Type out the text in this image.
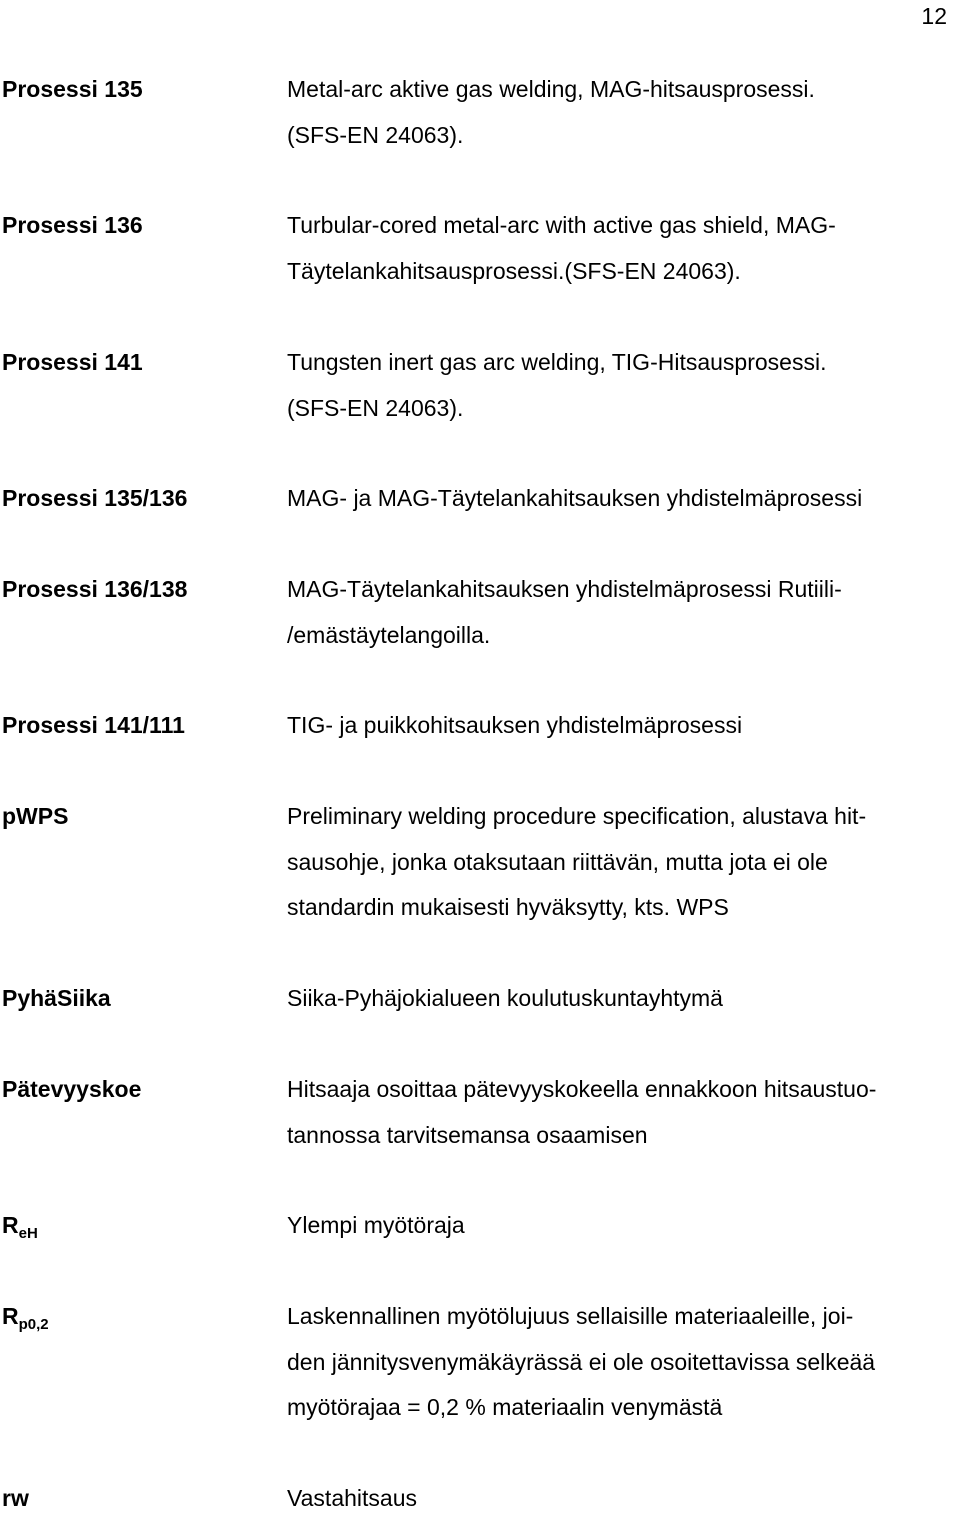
12
Prosessi 135	Metal-arc aktive gas welding, MAG-hitsausprosessi.
(SFS-EN 24063).
Prosessi 136	Turbular-cored metal-arc with active gas shield, MAG-
Täytelankahitsausprosessi.(SFS-EN 24063).
Prosessi 141	Tungsten inert gas arc welding, TIG-Hitsausprosessi.
(SFS-EN 24063).
Prosessi 135/136	MAG- ja MAG-Täytelankahitsauksen yhdistelmäprosessi
Prosessi 136/138	MAG-Täytelankahitsauksen yhdistelmäprosessi Rutiili-
/emästäytelangoilla.
Prosessi 141/111	TIG- ja puikkohitsauksen yhdistelmäprosessi
pWPS	Preliminary welding procedure specification, alustava hit-
sausohje, jonka otaksutaan riittävän, mutta jota ei ole
standardin mukaisesti hyväksytty, kts. WPS
PyhäSiika	Siika-Pyhäjokialueen koulutuskuntayhtymä
Pätevyyskoe	Hitsaaja osoittaa pätevyyskokeella ennakkoon hitsaustuo-
tannossa tarvitsemansa osaamisen
$R_{eH}$	Ylempi myötöraja
$R_{p0,2}$	Laskennallinen myötölujuus sellaisille materiaaleille, joi-
den jännitysvenymäkäyrässä ei ole osoitettavissa selkeää
myötörajaa = 0,2 % materiaalin venymästä
rw	Vastahitsaus
